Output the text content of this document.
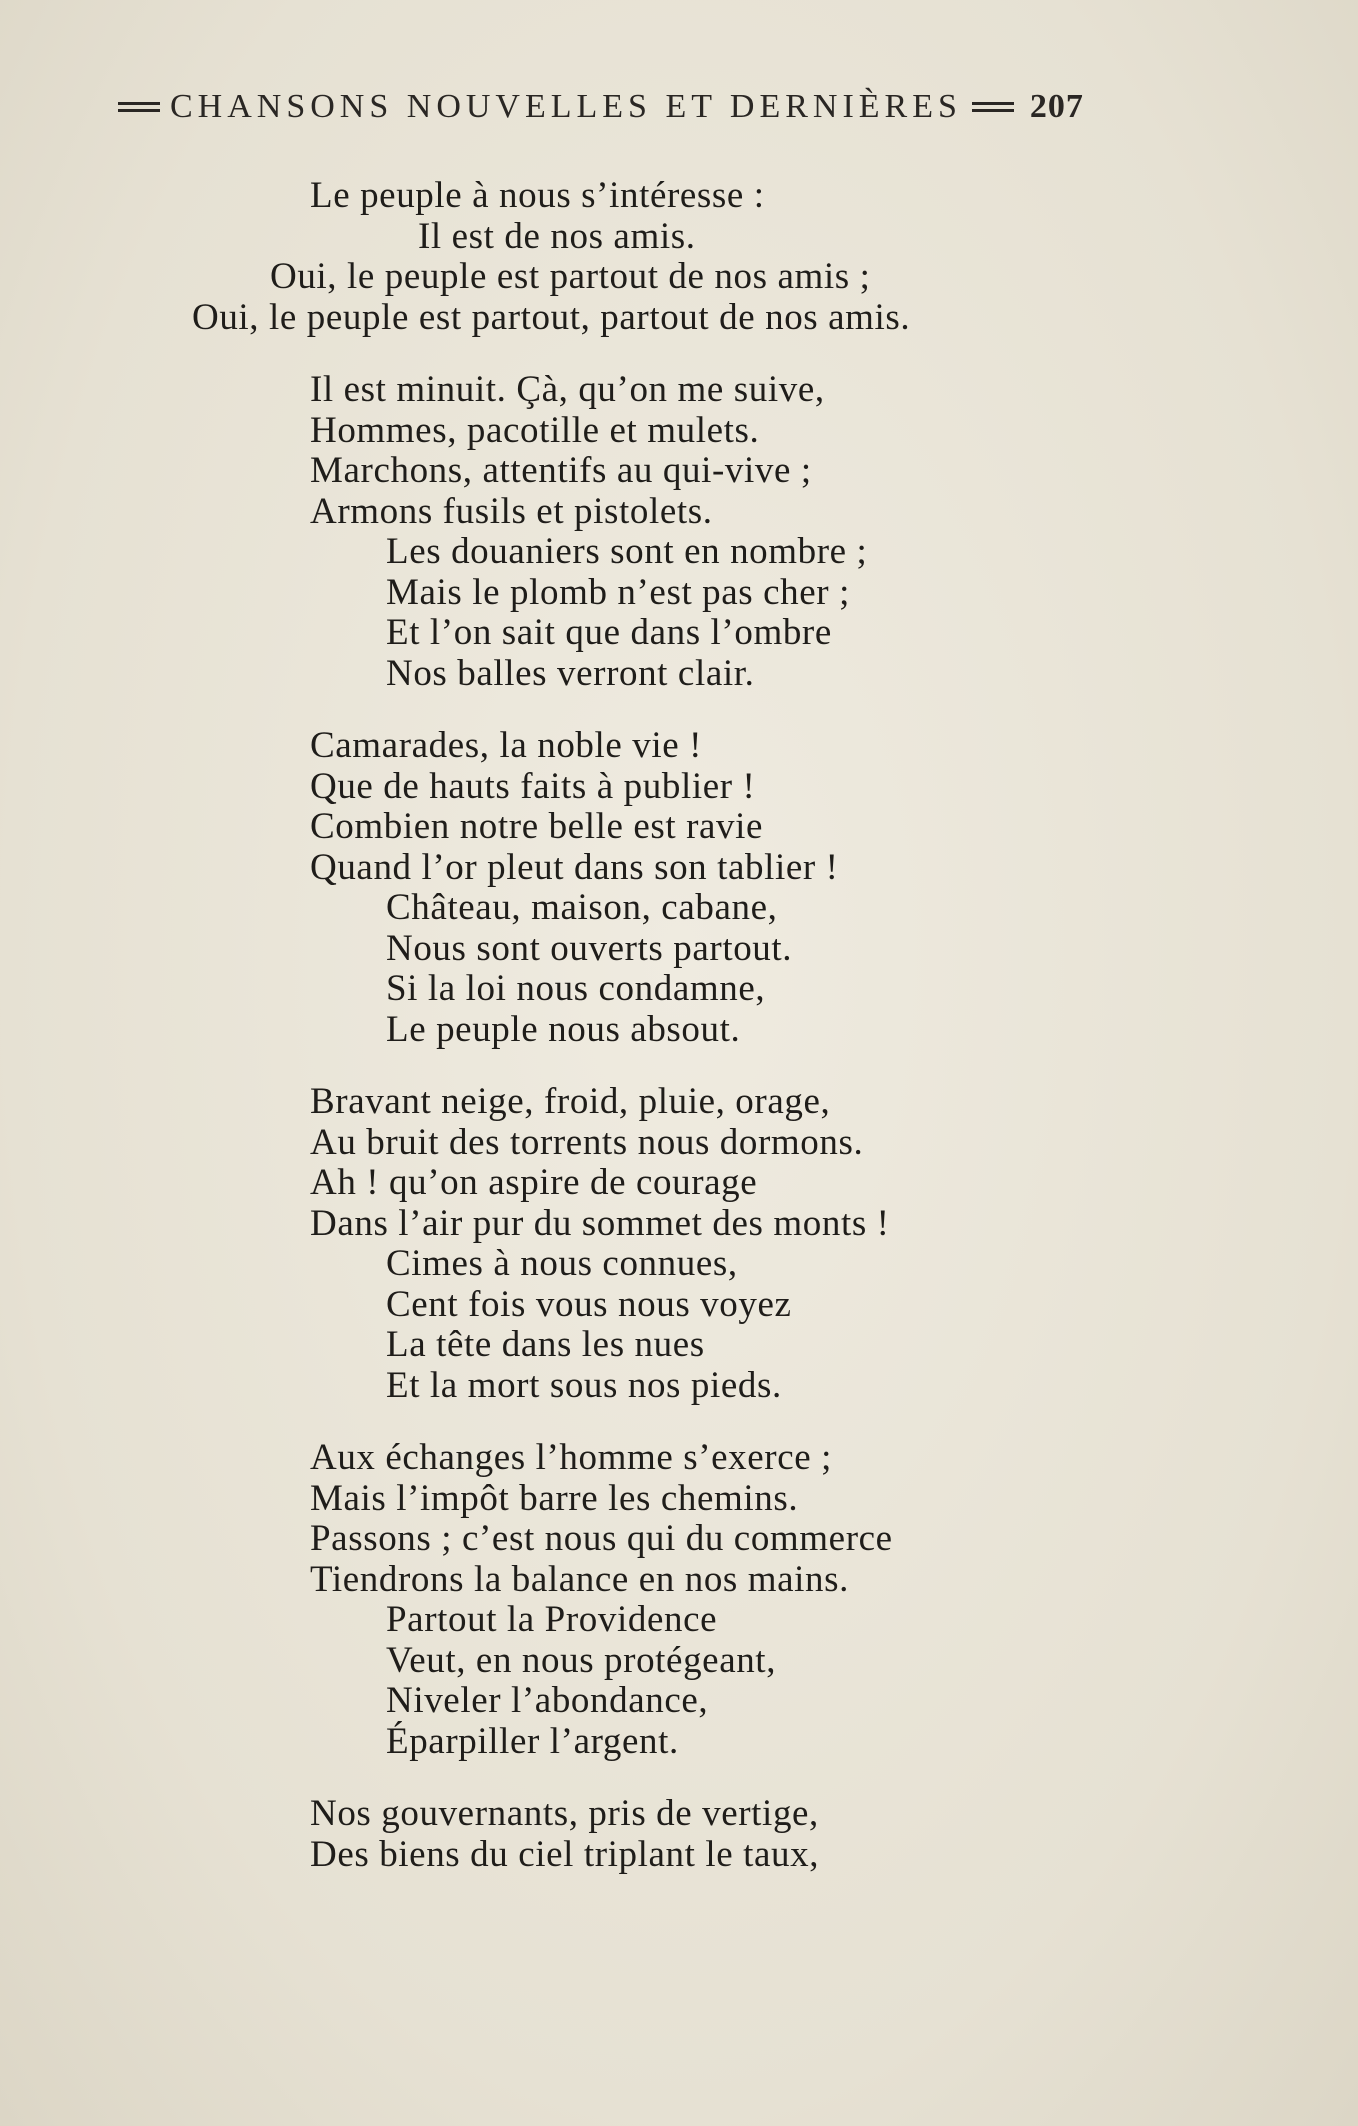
CHANSONS NOUVELLES ET DERNIÈRES 207
Le peuple à nous s’intéresse :
Il est de nos amis.
Oui, le peuple est partout de nos amis ;
Oui, le peuple est partout, partout de nos amis.
Il est minuit. Çà, qu’on me suive,
Hommes, pacotille et mulets.
Marchons, attentifs au qui-vive ;
Armons fusils et pistolets.
Les douaniers sont en nombre ;
Mais le plomb n’est pas cher ;
Et l’on sait que dans l’ombre
Nos balles verront clair.
Camarades, la noble vie !
Que de hauts faits à publier !
Combien notre belle est ravie
Quand l’or pleut dans son tablier !
Château, maison, cabane,
Nous sont ouverts partout.
Si la loi nous condamne,
Le peuple nous absout.
Bravant neige, froid, pluie, orage,
Au bruit des torrents nous dormons.
Ah ! qu’on aspire de courage
Dans l’air pur du sommet des monts !
Cimes à nous connues,
Cent fois vous nous voyez
La tête dans les nues
Et la mort sous nos pieds.
Aux échanges l’homme s’exerce ;
Mais l’impôt barre les chemins.
Passons ; c’est nous qui du commerce
Tiendrons la balance en nos mains.
Partout la Providence
Veut, en nous protégeant,
Niveler l’abondance,
Éparpiller l’argent.
Nos gouvernants, pris de vertige,
Des biens du ciel triplant le taux,
